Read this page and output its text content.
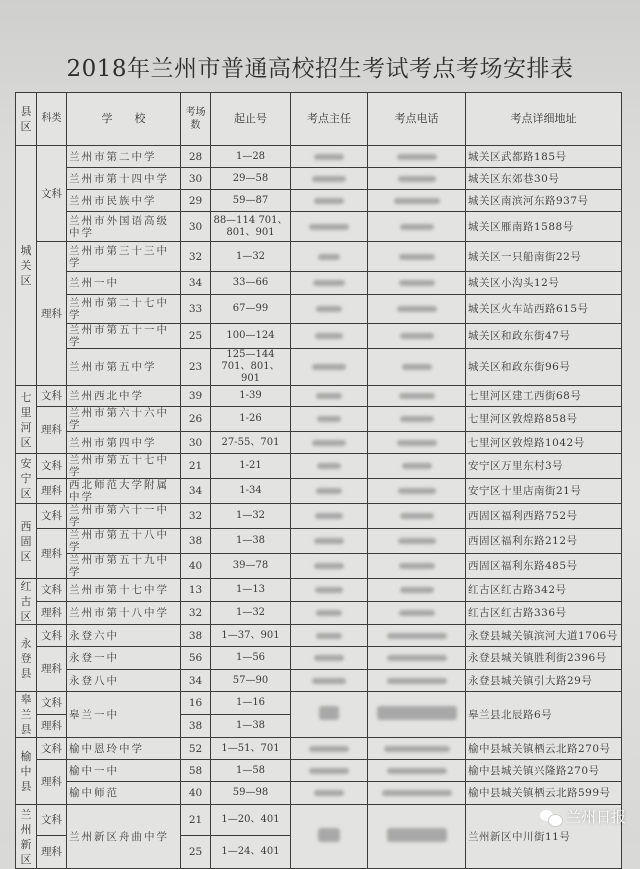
2018年兰州市普通高校招生考试考点考场安排表
县区	科类	学　　校	考场数	起止号	考点主任	考点电话	考点详细地址
城关区	文科	兰州市第二中学	28	1—28			城关区武都路185号
		兰州市第十四中学	30	29—58			城关区东郊巷30号
		兰州市民族中学	29	59—87			城关区南滨河东路937号
		兰州市外国语高级中学	30	88—114 701、801、901			城关区雁南路1588号
	理科	兰州市第三十三中学	32	1—32			城关区一只船南街22号
		兰州一中	34	33—66			城关区小沟头12号
		兰州市第二十七中学	33	67—99			城关区火车站西路615号
		兰州市第五十一中学	25	100—124			城关区和政东街47号
		兰州市第五中学	23	125—144 701、801、901			城关区和政东街96号
七里河区	文科	兰州西北中学	39	1-39			七里河区建工西街68号
	理科	兰州市第六十六中学	26	1-26			七里河区敦煌路858号
		兰州市第四中学	30	27-55、701			七里河区敦煌路1042号
安宁区	文科	兰州市第五十七中学	21	1-21			安宁区万里东村3号
	理科	西北师范大学附属中学	34	1-34			安宁区十里店南街21号
西固区	文科	兰州市第六十一中学	32	1—32			西固区福利西路752号
	理科	兰州市第五十八中学	38	1—38			西固区福利东路212号
		兰州市第五十九中学	40	39—78			西固区福利东路485号
红古区	文科	兰州市第十七中学	13	1—13			红古区红古路342号
	理科	兰州市第十八中学	32	1—32			红古区红古路336号
永登县	文科	永登六中	38	1—37、901			永登县城关镇滨河大道1706号
	理科	永登一中	56	1—56			永登县城关镇胜利街2396号
		永登八中	34	57—90			永登县城关镇引大路29号
皋兰县	文科	皋兰一中	16	1—16			皋兰县北辰路6号
	理科		38	1—38			
榆中县	文科	榆中恩玲中学	52	1—51、701			榆中县城关镇栖云北路270号
	理科	榆中一中	58	1—58			榆中县城关镇兴隆路270号
		榆中师范	40	59—98			榆中县城关镇栖云北路599号
兰州新区	文科	兰州新区舟曲中学	21	1—20、401			兰州新区中川街11号
	理科		25	1—24、401			
兰州日报
